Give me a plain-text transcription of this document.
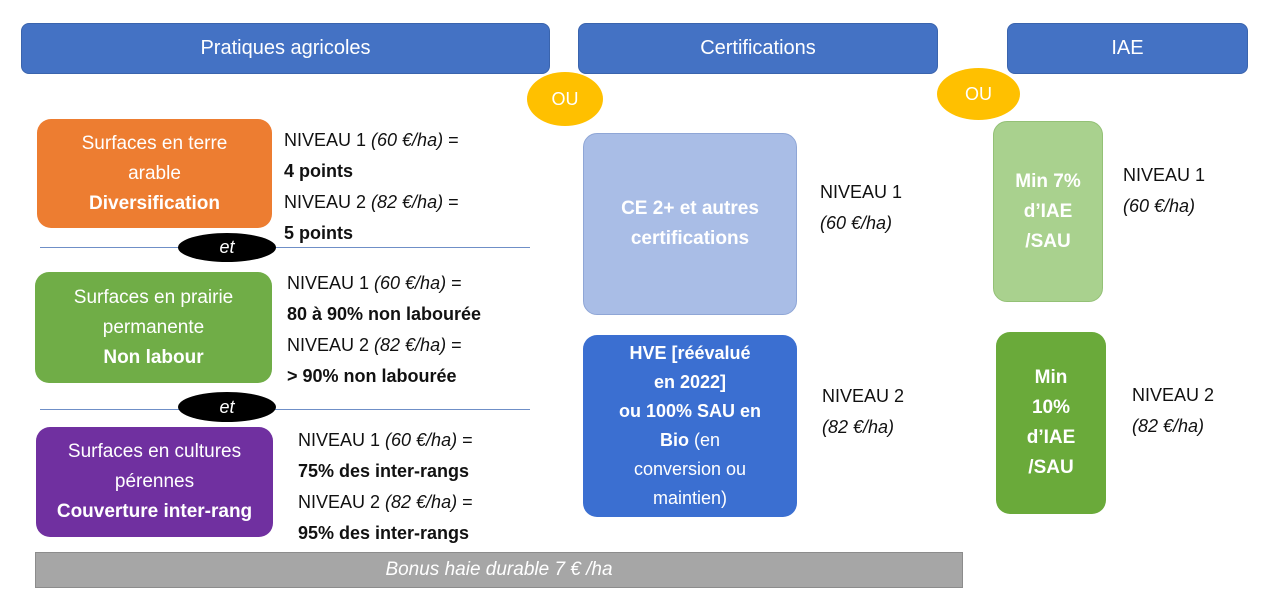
Pratiques agricoles	Certifications	IAE
OU	OU
Surfaces en terre
arable
Diversification
NIVEAU 1 (60 €/ha) =
4 points
NIVEAU 2 (82 €/ha) =
5 points
et
Surfaces en prairie
permanente
Non labour
NIVEAU 1 (60 €/ha) =
80 à 90% non labourée
NIVEAU 2 (82 €/ha) =
> 90% non labourée
et
Surfaces en cultures
pérennes
Couverture inter-rang
NIVEAU 1 (60 €/ha) =
75% des inter-rangs
NIVEAU 2 (82 €/ha) =
95% des inter-rangs
CE 2+ et autres
certifications
NIVEAU 1
(60 €/ha)
HVE [réévalué
en 2022]
ou 100% SAU en
Bio (en
conversion ou
maintien)
NIVEAU 2
(82 €/ha)
Min 7%
d’IAE
/SAU
NIVEAU 1
(60 €/ha)
Min
10%
d’IAE
/SAU
NIVEAU 2
(82 €/ha)
Bonus haie durable 7 € /ha
